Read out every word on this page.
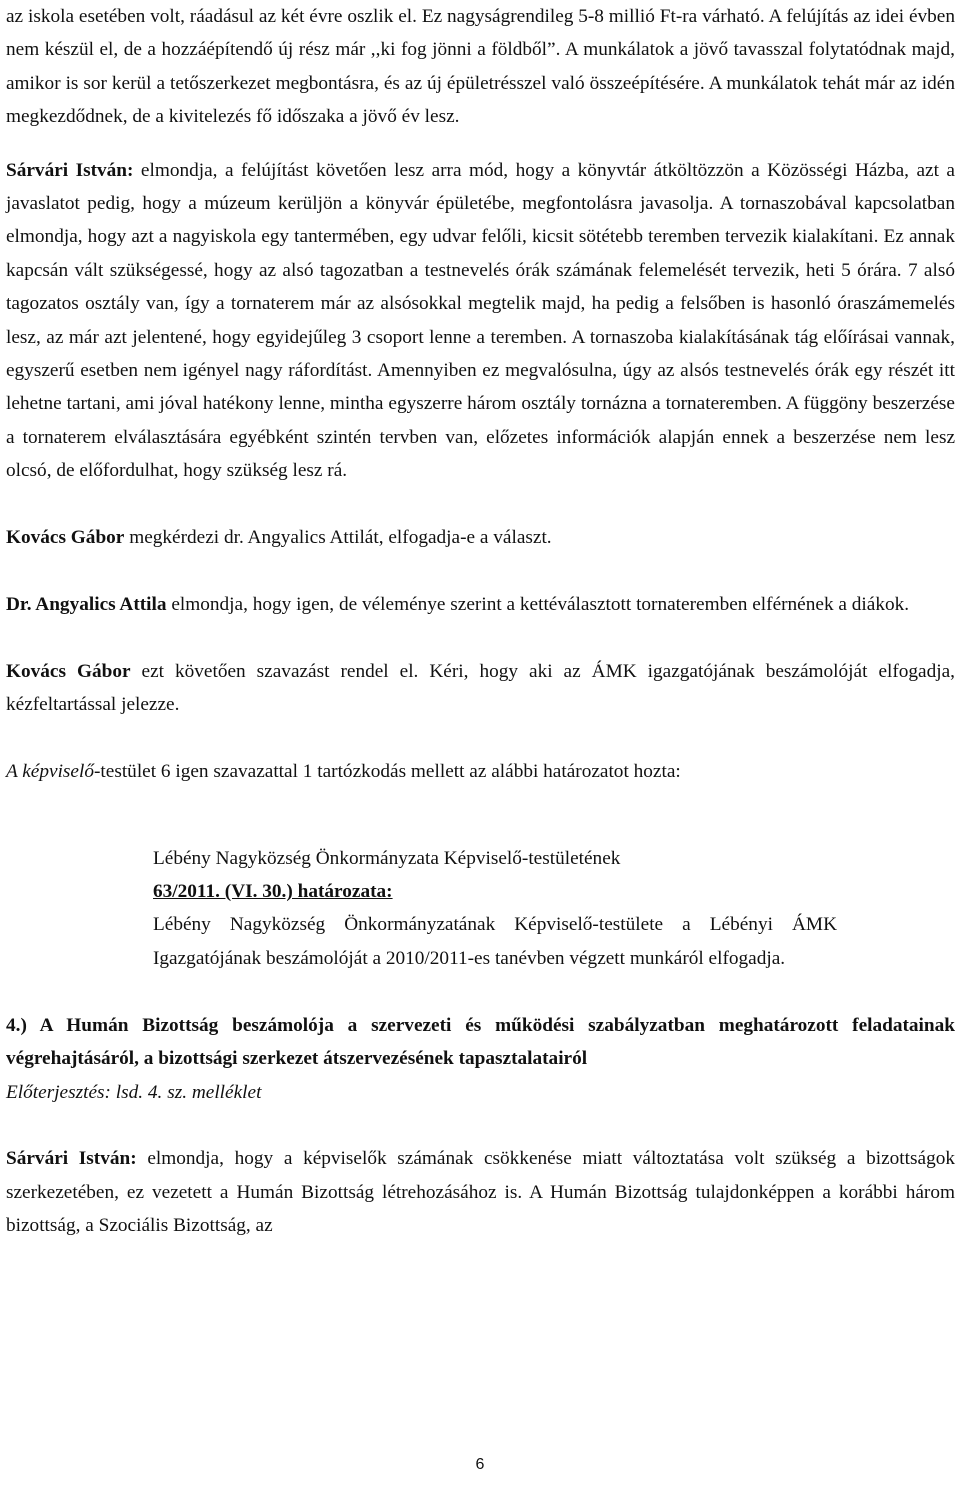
az iskola esetében volt, ráadásul az két évre oszlik el. Ez nagyságrendileg 5-8 millió Ft-ra várható. A felújítás az idei évben nem készül el, de a hozzáépítendő új rész már ,,ki fog jönni a földből”. A munkálatok a jövő tavasszal folytatódnak majd, amikor is sor kerül a tetőszerkezet megbontásra, és az új épületrésszel való összeépítésére. A munkálatok tehát már az idén megkezdődnek, de a kivitelezés fő időszaka a jövő év lesz.

Sárvári István: elmondja, a felújítást követően lesz arra mód, hogy a könyvtár átköltözzön a Közösségi Házba, azt a javaslatot pedig, hogy a múzeum kerüljön a könyvár épületébe, megfontolásra javasolja. A tornaszobával kapcsolatban elmondja, hogy azt a nagyiskola egy tantermében, egy udvar felőli, kicsit sötétebb teremben tervezik kialakítani. Ez annak kapcsán vált szükségessé, hogy az alsó tagozatban a testnevelés órák számának felemelését tervezik, heti 5 órára. 7 alsó tagozatos osztály van, így a tornaterem már az alsósokkal megtelik majd, ha pedig a felsőben is hasonló óraszámemelés lesz, az már azt jelentené, hogy egyidejűleg 3 csoport lenne a teremben. A tornaszoba kialakításának tág előírásai vannak, egyszerű esetben nem igényel nagy ráfordítást. Amennyiben ez megvalósulna, úgy az alsós testnevelés órák egy részét itt lehetne tartani, ami jóval hatékony lenne, mintha egyszerre három osztály tornázna a tornateremben. A függöny beszerzése a tornaterem elválasztására egyébként szintén tervben van, előzetes információk alapján ennek a beszerzése nem lesz olcsó, de előfordulhat, hogy szükség lesz rá.

Kovács Gábor megkérdezi dr. Angyalics Attilát, elfogadja-e a választ.

Dr. Angyalics Attila elmondja, hogy igen, de véleménye szerint a kettéválasztott tornateremben elférnének a diákok.

Kovács Gábor ezt követően szavazást rendel el. Kéri, hogy aki az ÁMK igazgatójának beszámolóját elfogadja, kézfeltartással jelezze.

A képviselő-testület 6 igen szavazattal 1 tartózkodás mellett az alábbi határozatot hozta:

Lébény Nagyközség Önkormányzata Képviselő-testületének

63/2011. (VI. 30.) határozata:

Lébény Nagyközség Önkormányzatának Képviselő-testülete a Lébényi ÁMK Igazgatójának beszámolóját a 2010/2011-es tanévben végzett munkáról elfogadja.

4.) A Humán Bizottság beszámolója a szervezeti és működési szabályzatban meghatározott feladatainak végrehajtásáról, a bizottsági szerkezet átszervezésének tapasztalatairól

Előterjesztés: lsd. 4. sz. melléklet

Sárvári István: elmondja, hogy a képviselők számának csökkenése miatt változtatása volt szükség a bizottságok szerkezetében, ez vezetett a Humán Bizottság létrehozásához is. A Humán Bizottság tulajdonképpen a korábbi három bizottság, a Szociális Bizottság, az

6
